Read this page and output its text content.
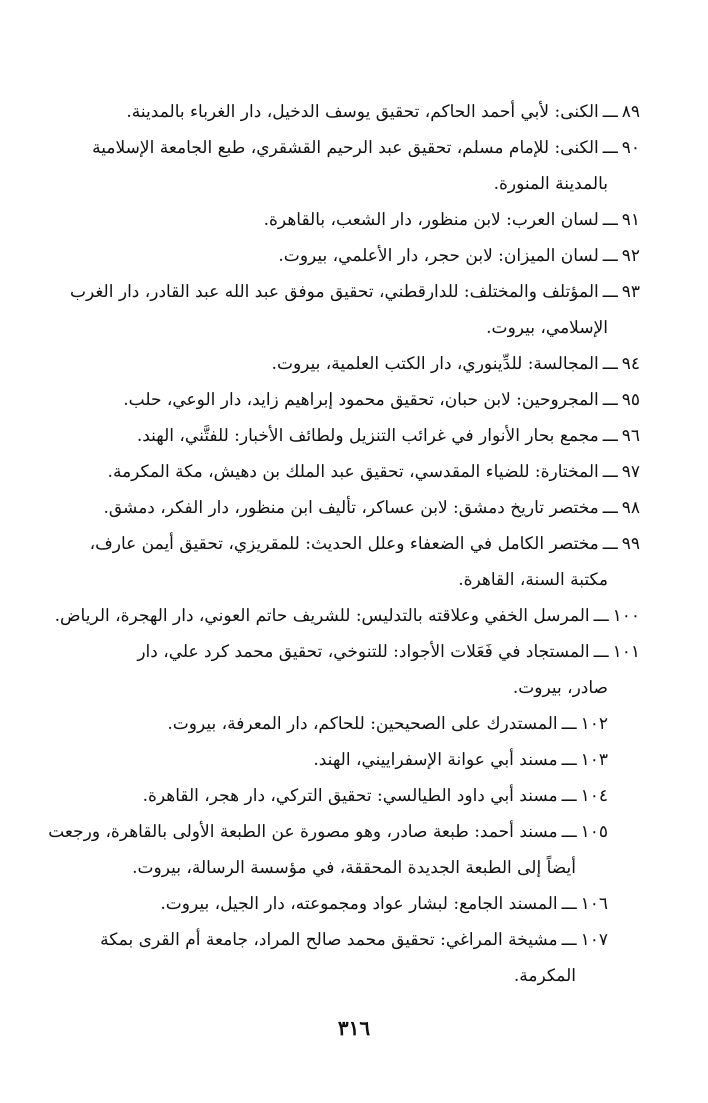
٨٩ـــالكنى: لأبي أحمد الحاكم، تحقيق يوسف الدخيل، دار الغرباء بالمدينة.

٩٠ـــالكنى: للإمام مسلم، تحقيق عبد الرحيم القشقري، طبع الجامعة الإسلامية
بالمدينة المنورة.

٩١ـــلسان العرب: لابن منظور، دار الشعب، بالقاهرة.

٩٢ـــلسان الميزان: لابن حجر، دار الأعلمي، بيروت.

٩٣ـــالمؤتلف والمختلف: للدارقطني، تحقيق موفق عبد الله عبد القادر، دار الغرب
الإسلامي، بيروت.

٩٤ـــالمجالسة: للدِّينوري، دار الكتب العلمية، بيروت.

٩٥ـــالمجروحين: لابن حبان، تحقيق محمود إبراهيم زايد، دار الوعي، حلب.

٩٦ـــمجمع بحار الأنوار في غرائب التنزيل ولطائف الأخبار: للفتَّني، الهند.

٩٧ـــالمختارة: للضياء المقدسي، تحقيق عبد الملك بن دهيش، مكة المكرمة.

٩٨ـــمختصر تاريخ دمشق: لابن عساكر، تأليف ابن منظور، دار الفكر، دمشق.

٩٩ـــمختصر الكامل في الضعفاء وعلل الحديث: للمقريزي، تحقيق أيمن عارف،
مكتبة السنة، القاهرة.

١٠٠ـــالمرسل الخفي وعلاقته بالتدليس: للشريف حاتم العوني، دار الهجرة، الرياض.

١٠١ـــالمستجاد في فَعَلات الأجواد: للتنوخي، تحقيق محمد كرد علي، دار
صادر، بيروت.

١٠٢ـــالمستدرك على الصحيحين: للحاكم، دار المعرفة، بيروت.

١٠٣ـــمسند أبي عوانة الإسفراييني، الهند.

١٠٤ـــمسند أبي داود الطيالسي: تحقيق التركي، دار هجر، القاهرة.

١٠٥ـــمسند أحمد: طبعة صادر، وهو مصورة عن الطبعة الأولى بالقاهرة، ورجعت
أيضاً إلى الطبعة الجديدة المحققة، في مؤسسة الرسالة، بيروت.

١٠٦ـــالمسند الجامع: لبشار عواد ومجموعته، دار الجيل، بيروت.

١٠٧ـــمشيخة المراغي: تحقيق محمد صالح المراد، جامعة أم القرى بمكة
المكرمة.

٣١٦
